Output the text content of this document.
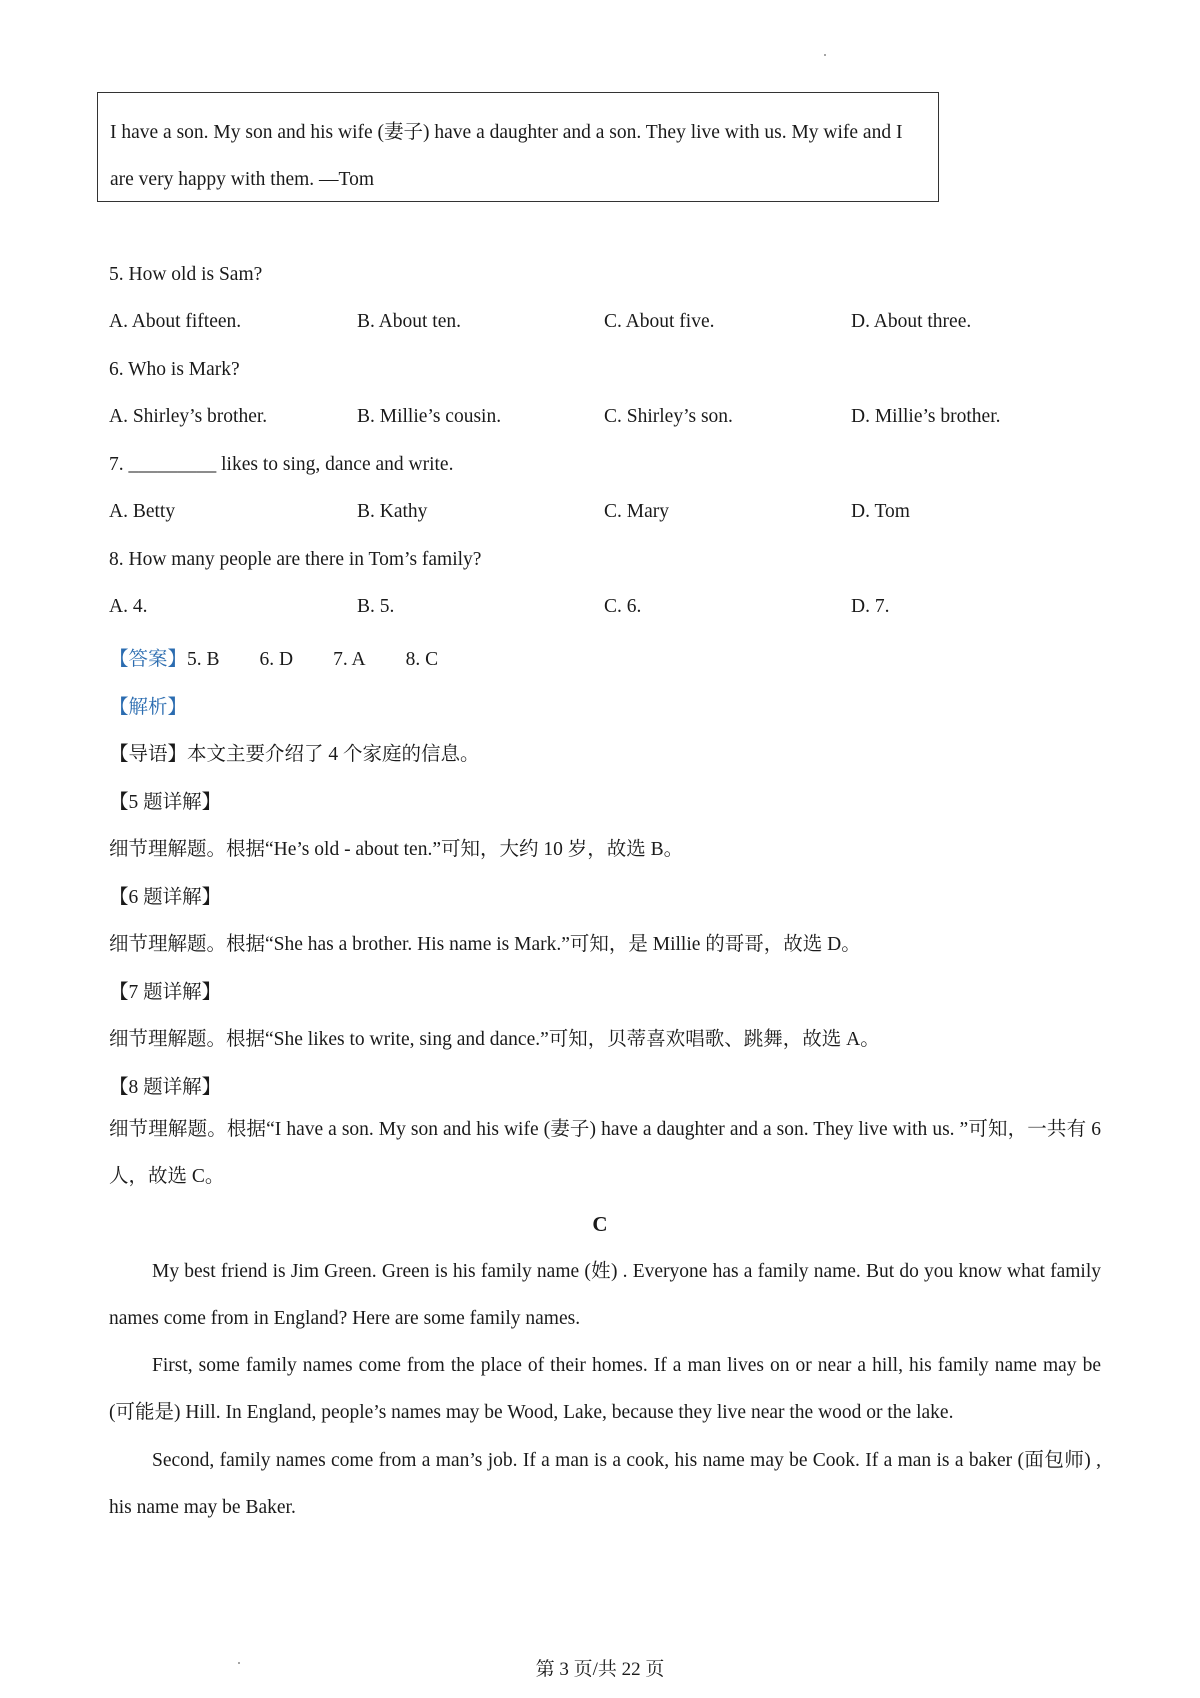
I have a son. My son and his wife (妻子) have a daughter and a son. They live with us. My wife and I are very happy with them. —Tom
5. How old is Sam?
A. About fifteen.	B. About ten.	C. About five.	D. About three.
6. Who is Mark?
A. Shirley’s brother.	B. Millie’s cousin.	C. Shirley’s son.	D. Millie’s brother.
7. _________ likes to sing, dance and write.
A. Betty	B. Kathy	C. Mary	D. Tom
8. How many people are there in Tom’s family?
A. 4.	B. 5.	C. 6.	D. 7.
【答案】5. B 6. D 7. A 8. C
【解析】
【导语】本文主要介绍了 4 个家庭的信息。
【5 题详解】
细节理解题。根据“He’s old - about ten.”可知，大约 10 岁，故选 B。
【6 题详解】
细节理解题。根据“She has a brother. His name is Mark.”可知，是 Millie 的哥哥，故选 D。
【7 题详解】
细节理解题。根据“She likes to write, sing and dance.”可知，贝蒂喜欢唱歌、跳舞，故选 A。
【8 题详解】
细节理解题。根据“I have a son. My son and his wife (妻子) have a daughter and a son. They live with us. ”可知，一共有 6 人，故选 C。
C
My best friend is Jim Green. Green is his family name (姓) . Everyone has a family name. But do you know what family names come from in England? Here are some family names.
First, some family names come from the place of their homes. If a man lives on or near a hill, his family name may be (可能是) Hill. In England, people’s names may be Wood, Lake, because they live near the wood or the lake.
Second, family names come from a man’s job. If a man is a cook, his name may be Cook. If a man is a baker (面包师) , his name may be Baker.
第 3 页/共 22 页
